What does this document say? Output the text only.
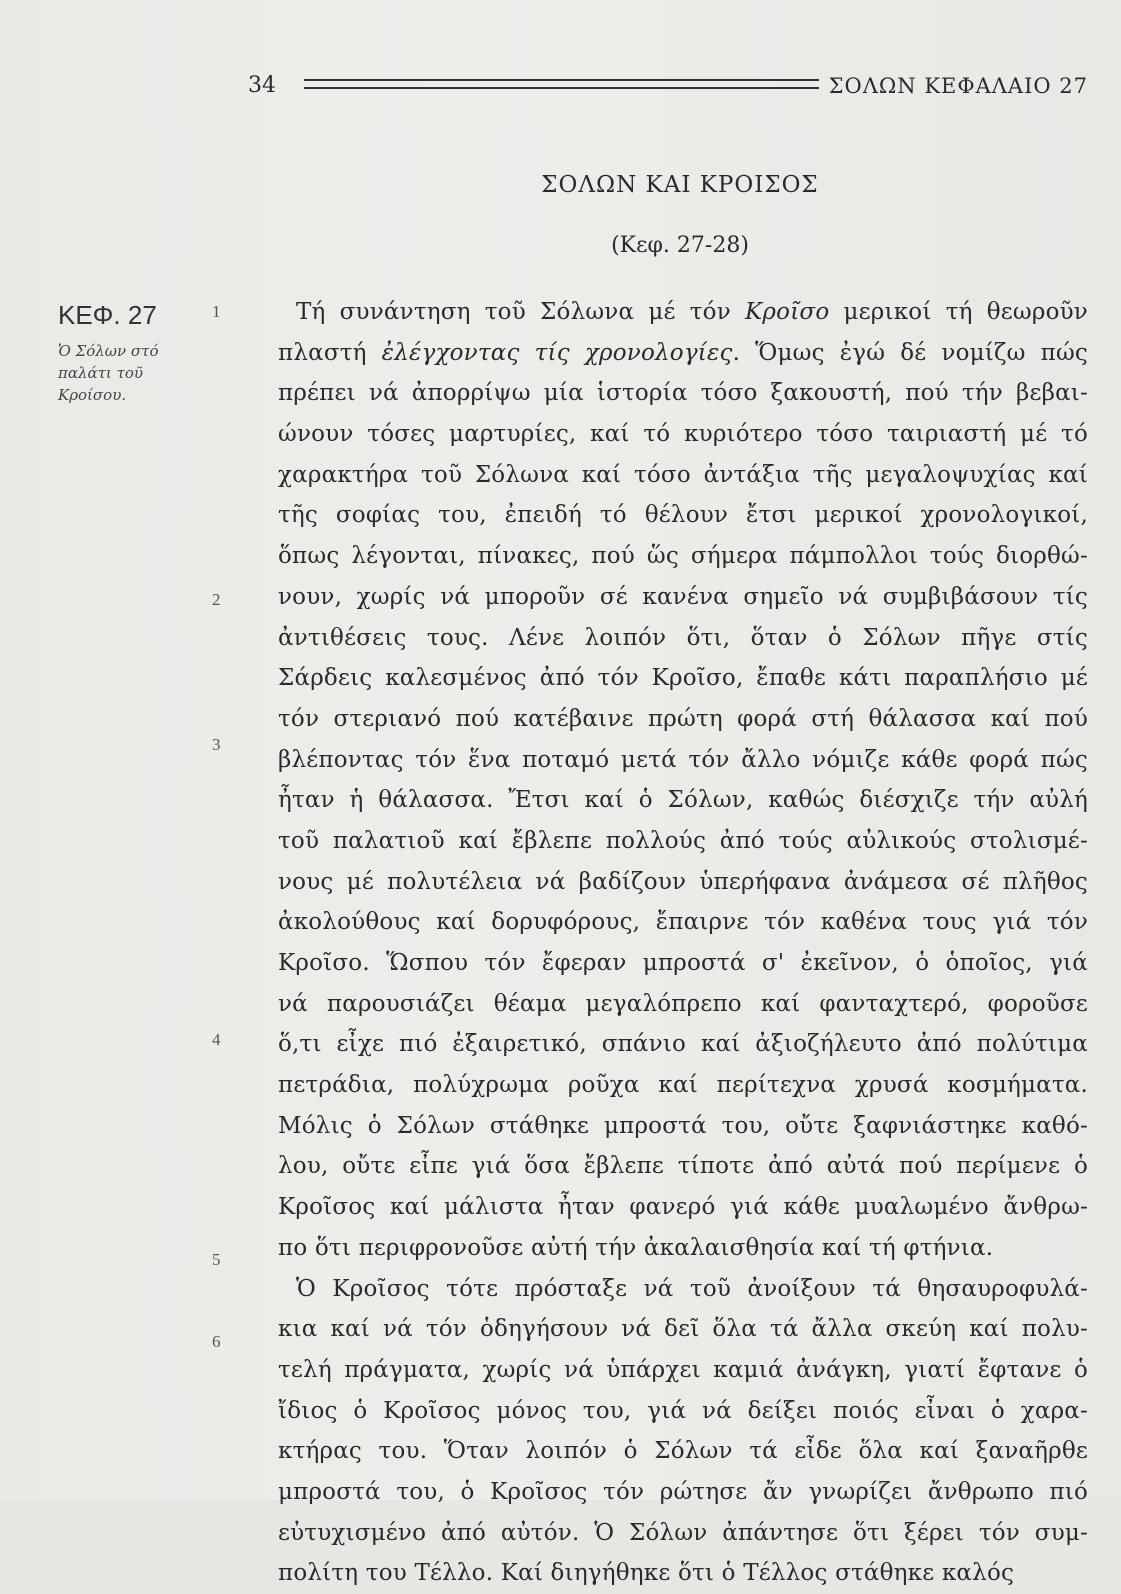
34	ΣΟΛΩΝ ΚΕΦΑΛΑΙΟ 27
ΣΟΛΩΝ ΚΑΙ ΚΡΟΙΣΟΣ
(Κεφ. 27-28)
ΚΕΦ. 27
Ὁ Σόλων στό παλάτι τοῦ Κροίσου.
1
2
3
4
5
6
Τή συνάντηση τοῦ Σόλωνα μέ τόν Κροῖσο μερικοί τή θεωροῦν
πλαστή ἐλέγχοντας τίς χρονολογίες. Ὅμως ἐγώ δέ νομίζω πώς
πρέπει νά ἀπορρίψω μία ἱστορία τόσο ξακουστή, πού τήν βεβαι-
ώνουν τόσες μαρτυρίες, καί τό κυριότερο τόσο ταιριαστή μέ τό
χαρακτήρα τοῦ Σόλωνα καί τόσο ἀντάξια τῆς μεγαλοψυχίας καί
τῆς σοφίας του, ἐπειδή τό θέλουν ἔτσι μερικοί χρονολογικοί,
ὅπως λέγονται, πίνακες, πού ὥς σήμερα πάμπολλοι τούς διορθώ-
νουν, χωρίς νά μποροῦν σέ κανένα σημεῖο νά συμβιβάσουν τίς
ἀντιθέσεις τους. Λένε λοιπόν ὅτι, ὅταν ὁ Σόλων πῆγε στίς
Σάρδεις καλεσμένος ἀπό τόν Κροῖσο, ἔπαθε κάτι παραπλήσιο μέ
τόν στεριανό πού κατέβαινε πρώτη φορά στή θάλασσα καί πού
βλέποντας τόν ἕνα ποταμό μετά τόν ἄλλο νόμιζε κάθε φορά πώς
ἦταν ἡ θάλασσα. Ἔτσι καί ὁ Σόλων, καθώς διέσχιζε τήν αὐλή
τοῦ παλατιοῦ καί ἔβλεπε πολλούς ἀπό τούς αὐλικούς στολισμέ-
νους μέ πολυτέλεια νά βαδίζουν ὑπερήφανα ἀνάμεσα σέ πλῆθος
ἀκολούθους καί δορυφόρους, ἔπαιρνε τόν καθένα τους γιά τόν
Κροῖσο. Ὥσπου τόν ἔφεραν μπροστά σ' ἐκεῖνον, ὁ ὁποῖος, γιά
νά παρουσιάζει θέαμα μεγαλόπρεπο καί φανταχτερό, φοροῦσε
ὅ,τι εἶχε πιό ἐξαιρετικό, σπάνιο καί ἀξιοζήλευτο ἀπό πολύτιμα
πετράδια, πολύχρωμα ροῦχα καί περίτεχνα χρυσά κοσμήματα.
Μόλις ὁ Σόλων στάθηκε μπροστά του, οὔτε ξαφνιάστηκε καθό-
λου, οὔτε εἶπε γιά ὅσα ἔβλεπε τίποτε ἀπό αὐτά πού περίμενε ὁ
Κροῖσος καί μάλιστα ἦταν φανερό γιά κάθε μυαλωμένο ἄνθρω-
πο ὅτι περιφρονοῦσε αὐτή τήν ἀκαλαισθησία καί τή φτήνια.
Ὁ Κροῖσος τότε πρόσταξε νά τοῦ ἀνοίξουν τά θησαυροφυλά-
κια καί νά τόν ὁδηγήσουν νά δεῖ ὅλα τά ἄλλα σκεύη καί πολυ-
τελή πράγματα, χωρίς νά ὑπάρχει καμιά ἀνάγκη, γιατί ἔφτανε ὁ
ἴδιος ὁ Κροῖσος μόνος του, γιά νά δείξει ποιός εἶναι ὁ χαρα-
κτήρας του. Ὅταν λοιπόν ὁ Σόλων τά εἶδε ὅλα καί ξαναῆρθε
μπροστά του, ὁ Κροῖσος τόν ρώτησε ἄν γνωρίζει ἄνθρωπο πιό
εὐτυχισμένο ἀπό αὐτόν. Ὁ Σόλων ἀπάντησε ὅτι ξέρει τόν συμ-
πολίτη του Τέλλο. Καί διηγήθηκε ὅτι ὁ Τέλλος στάθηκε καλός
